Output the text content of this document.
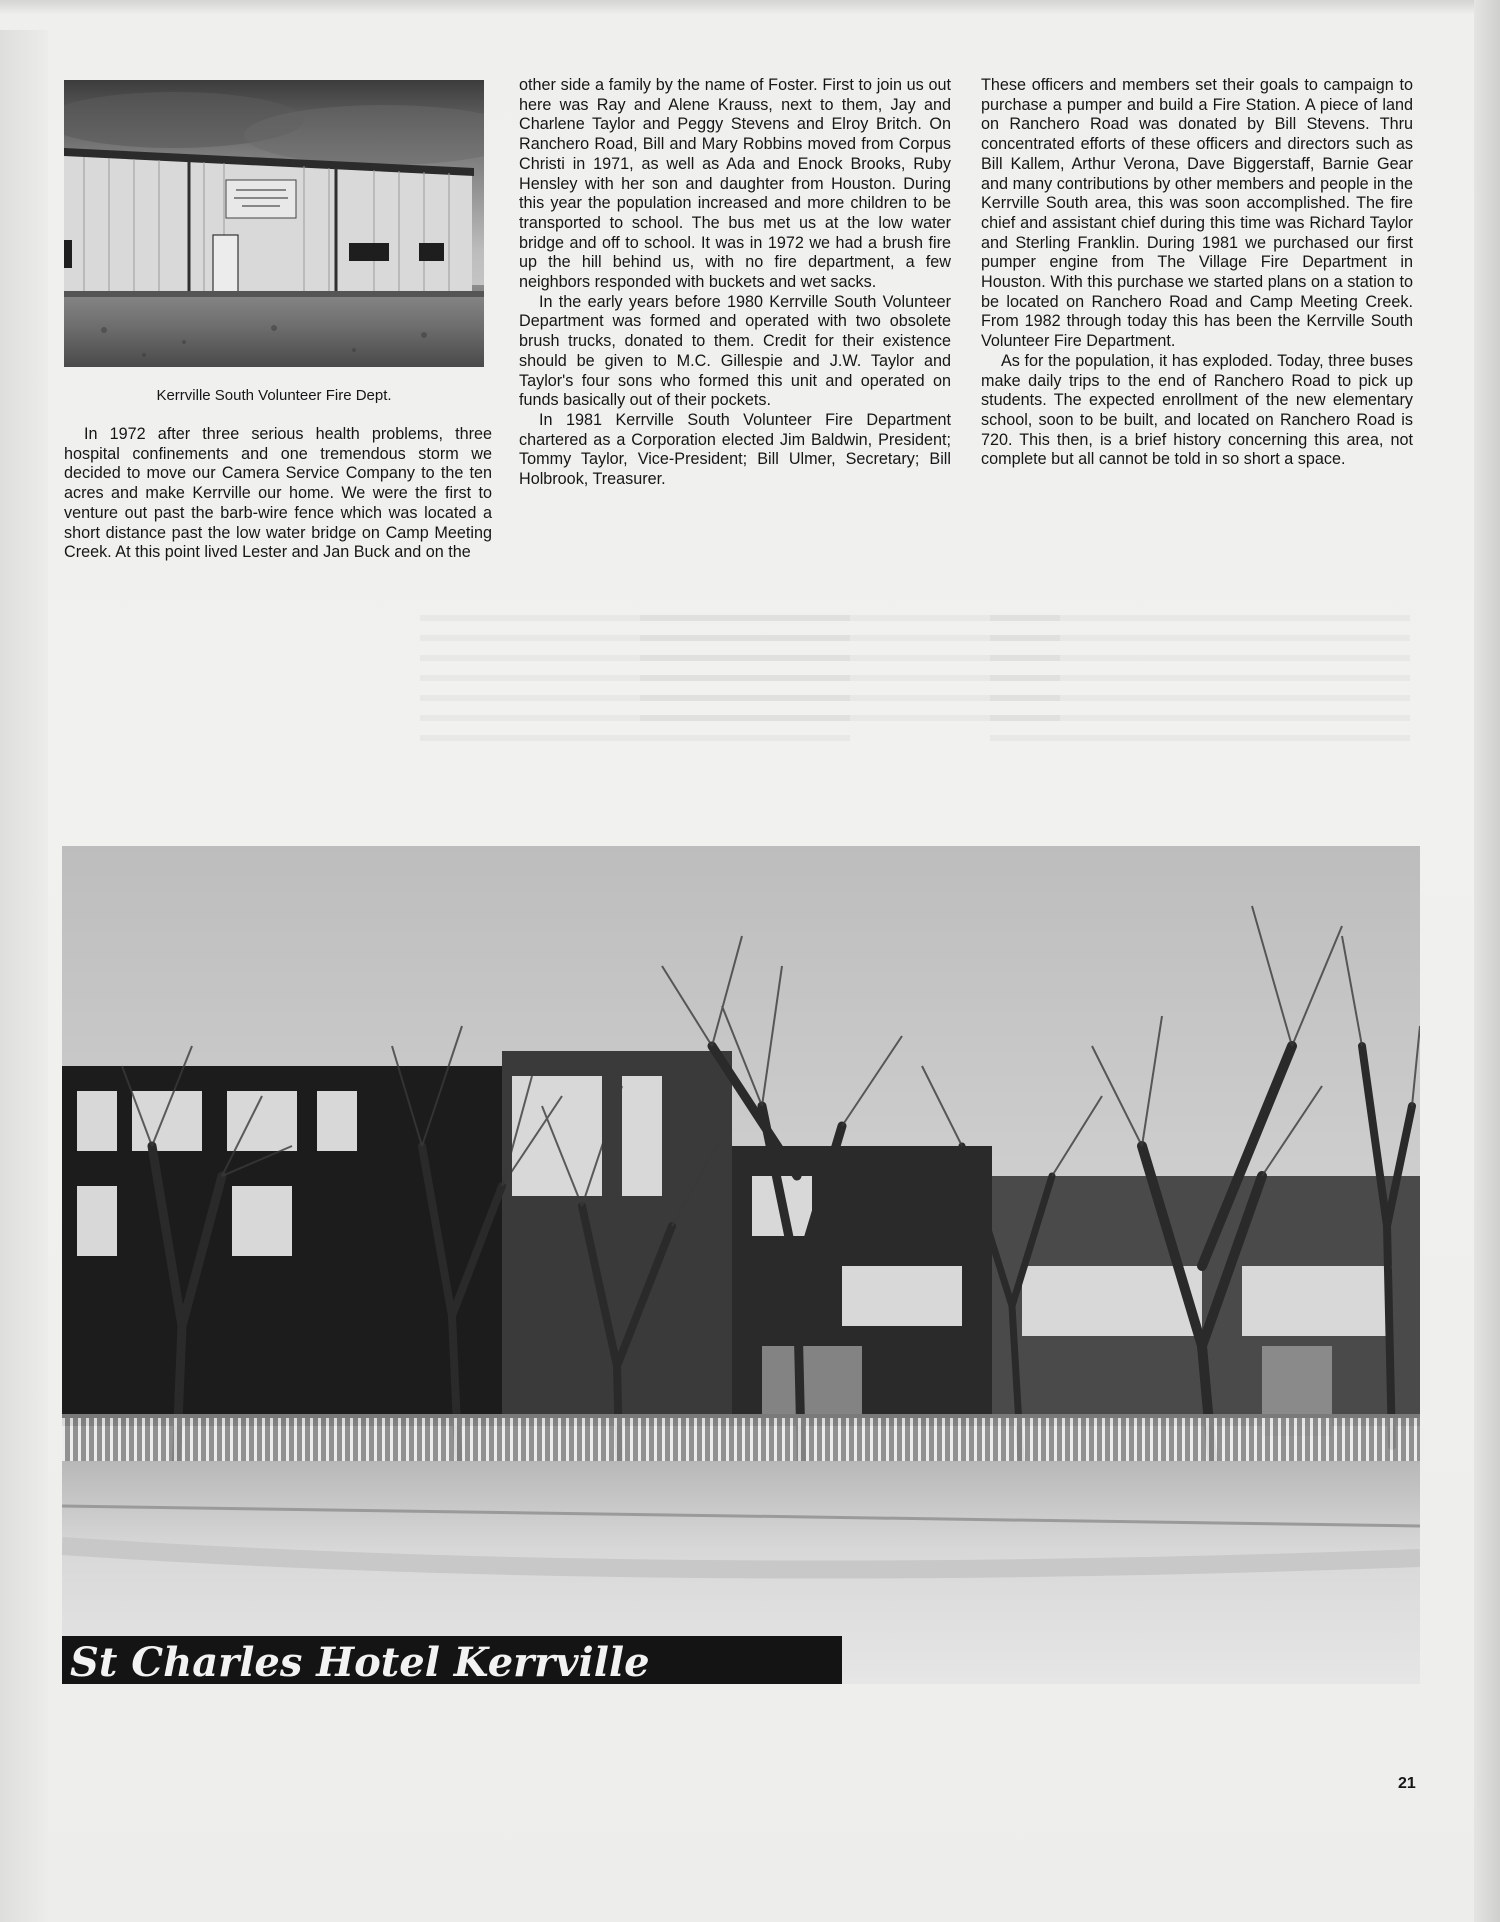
Kerrville South Volunteer Fire Dept.

In 1972 after three serious health problems, three hospital confinements and one tremendous storm we decided to move our Camera Service Company to the ten acres and make Kerrville our home. We were the first to venture out past the barb-wire fence which was located a short distance past the low water bridge on Camp Meeting Creek. At this point lived Lester and Jan Buck and on the

other side a family by the name of Foster. First to join us out here was Ray and Alene Krauss, next to them, Jay and Charlene Taylor and Peggy Stevens and Elroy Britch. On Ranchero Road, Bill and Mary Robbins moved from Corpus Christi in 1971, as well as Ada and Enock Brooks, Ruby Hensley with her son and daughter from Houston. During this year the population increased and more children to be transported to school. The bus met us at the low water bridge and off to school. It was in 1972 we had a brush fire up the hill behind us, with no fire department, a few neighbors responded with buckets and wet sacks.

In the early years before 1980 Kerrville South Volunteer Department was formed and operated with two obsolete brush trucks, donated to them. Credit for their existence should be given to M.C. Gillespie and J.W. Taylor and Taylor's four sons who formed this unit and operated on funds basically out of their pockets.

In 1981 Kerrville South Volunteer Fire Department chartered as a Corporation elected Jim Baldwin, President; Tommy Taylor, Vice-President; Bill Ulmer, Secretary; Bill Holbrook, Treasurer.

These officers and members set their goals to campaign to purchase a pumper and build a Fire Station. A piece of land on Ranchero Road was donated by Bill Stevens. Thru concentrated efforts of these officers and directors such as Bill Kallem, Arthur Verona, Dave Biggerstaff, Barnie Gear and many contributions by other members and people in the Kerrville South area, this was soon accomplished. The fire chief and assistant chief during this time was Richard Taylor and Sterling Franklin. During 1981 we purchased our first pumper engine from The Village Fire Department in Houston. With this purchase we started plans on a station to be located on Ranchero Road and Camp Meeting Creek. From 1982 through today this has been the Kerrville South Volunteer Fire Department.

As for the population, it has exploded. Today, three buses make daily trips to the end of Ranchero Road to pick up students. The expected enrollment of the new elementary school, soon to be built, and located on Ranchero Road is 720. This then, is a brief history concerning this area, not complete but all cannot be told in so short a space.

St Charles Hotel Kerrville

21
